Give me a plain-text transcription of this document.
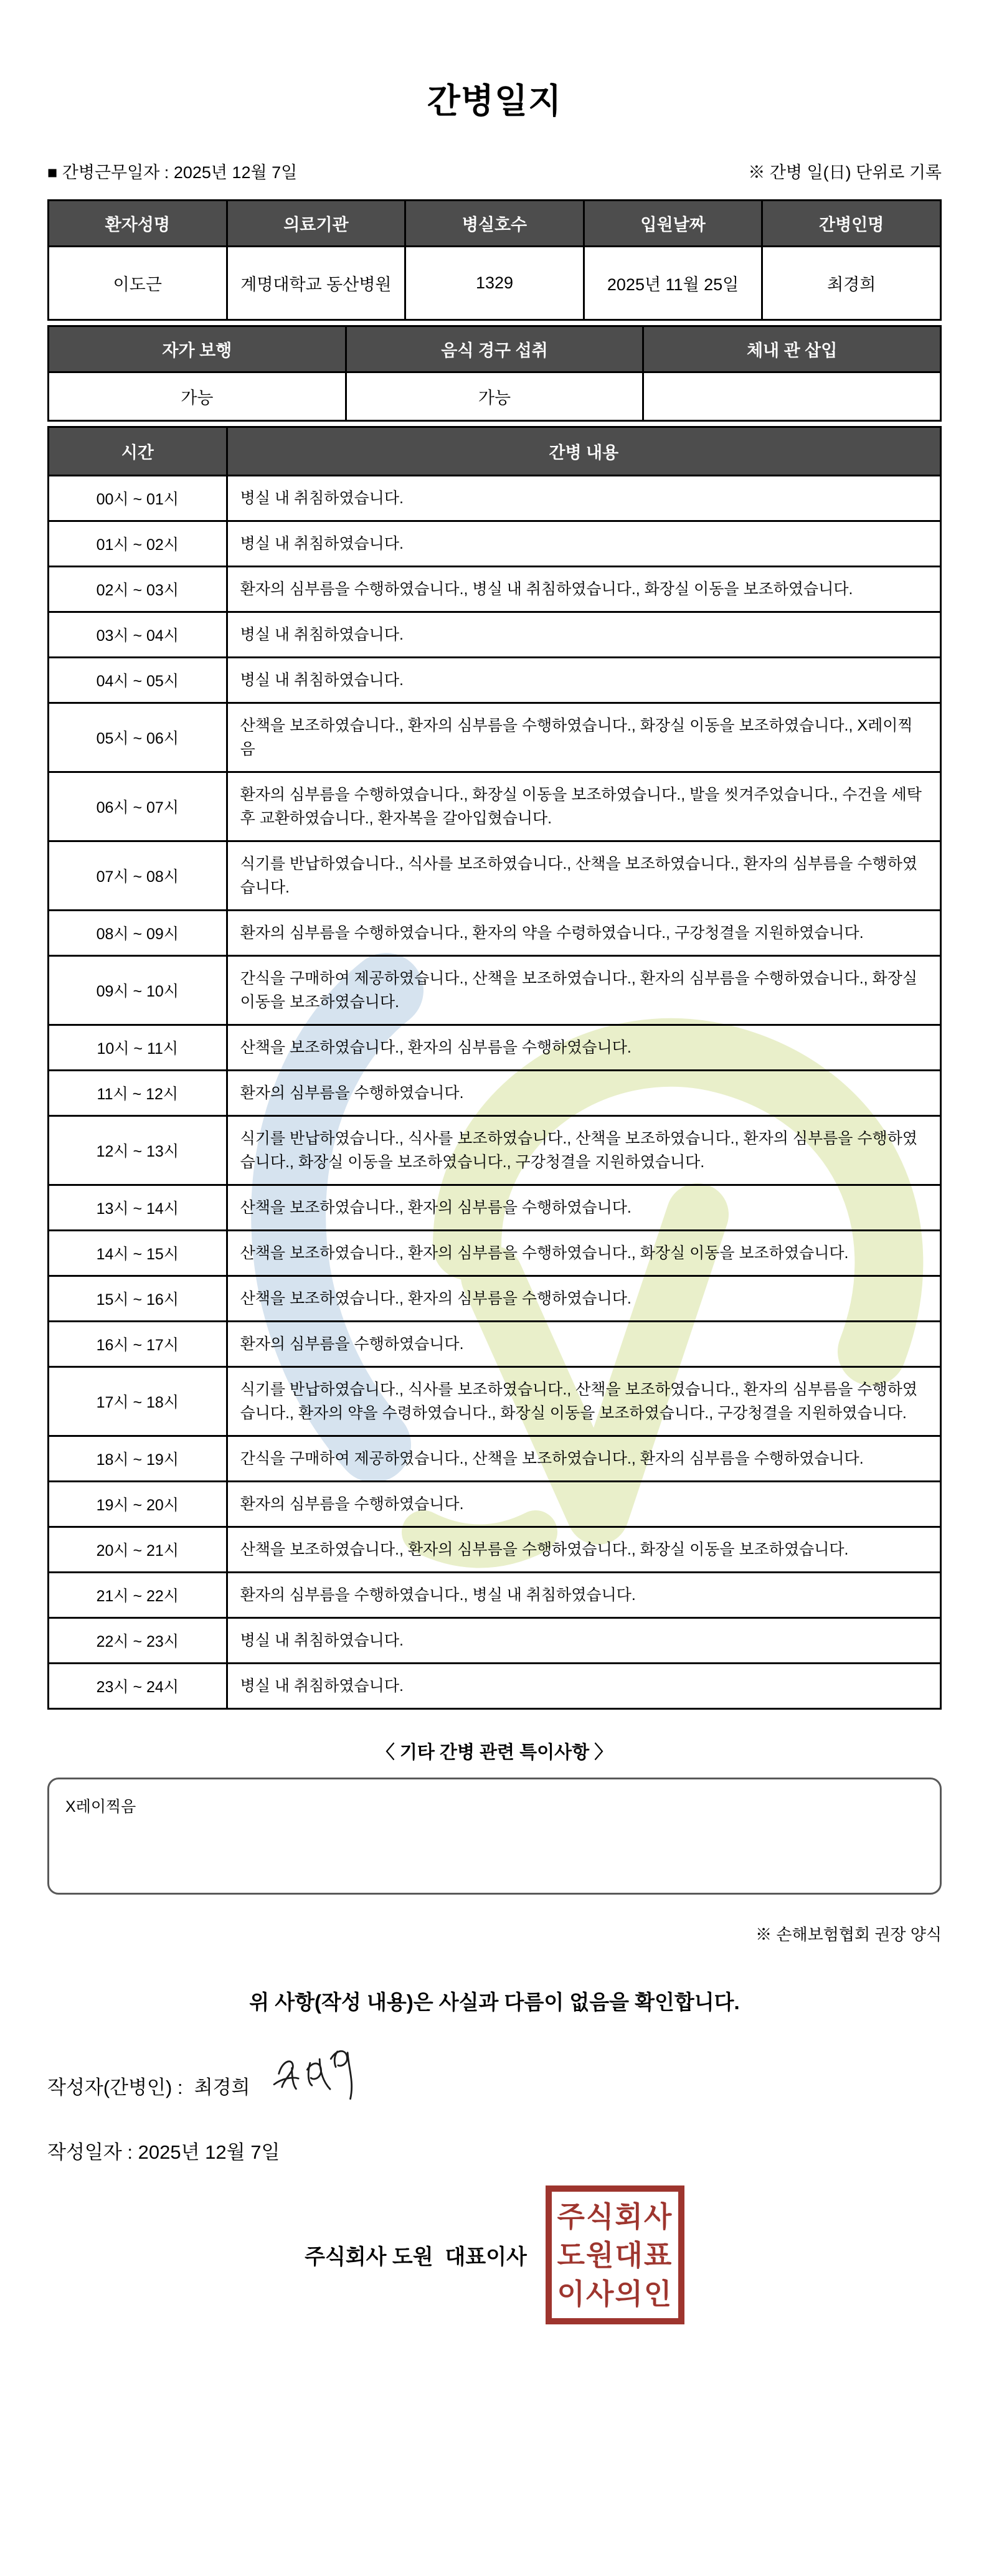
간병일지
■ 간병근무일자 : 2025년 12월 7일	※ 간병 일(日) 단위로 기록
환자성명	의료기관	병실호수	입원날짜	간병인명
이도근	계명대학교 동산병원	1329	2025년 11월 25일	최경희
자가 보행	음식 경구 섭취	체내 관 삽입
가능	가능	
시간	간병 내용
00시 ~ 01시	병실 내 취침하였습니다.
01시 ~ 02시	병실 내 취침하였습니다.
02시 ~ 03시	환자의 심부름을 수행하였습니다., 병실 내 취침하였습니다., 화장실 이동을 보조하였습니다.
03시 ~ 04시	병실 내 취침하였습니다.
04시 ~ 05시	병실 내 취침하였습니다.
05시 ~ 06시	산책을 보조하였습니다., 환자의 심부름을 수행하였습니다., 화장실 이동을 보조하였습니다., X레이찍음
06시 ~ 07시	환자의 심부름을 수행하였습니다., 화장실 이동을 보조하였습니다., 발을 씻겨주었습니다., 수건을 세탁 후 교환하였습니다., 환자복을 갈아입혔습니다.
07시 ~ 08시	식기를 반납하였습니다., 식사를 보조하였습니다., 산책을 보조하였습니다., 환자의 심부름을 수행하였습니다.
08시 ~ 09시	환자의 심부름을 수행하였습니다., 환자의 약을 수령하였습니다., 구강청결을 지원하였습니다.
09시 ~ 10시	간식을 구매하여 제공하였습니다., 산책을 보조하였습니다., 환자의 심부름을 수행하였습니다., 화장실 이동을 보조하였습니다.
10시 ~ 11시	산책을 보조하였습니다., 환자의 심부름을 수행하였습니다.
11시 ~ 12시	환자의 심부름을 수행하였습니다.
12시 ~ 13시	식기를 반납하였습니다., 식사를 보조하였습니다., 산책을 보조하였습니다., 환자의 심부름을 수행하였습니다., 화장실 이동을 보조하였습니다., 구강청결을 지원하였습니다.
13시 ~ 14시	산책을 보조하였습니다., 환자의 심부름을 수행하였습니다.
14시 ~ 15시	산책을 보조하였습니다., 환자의 심부름을 수행하였습니다., 화장실 이동을 보조하였습니다.
15시 ~ 16시	산책을 보조하였습니다., 환자의 심부름을 수행하였습니다.
16시 ~ 17시	환자의 심부름을 수행하였습니다.
17시 ~ 18시	식기를 반납하였습니다., 식사를 보조하였습니다., 산책을 보조하였습니다., 환자의 심부름을 수행하였습니다., 환자의 약을 수령하였습니다., 화장실 이동을 보조하였습니다., 구강청결을 지원하였습니다.
18시 ~ 19시	간식을 구매하여 제공하였습니다., 산책을 보조하였습니다., 환자의 심부름을 수행하였습니다.
19시 ~ 20시	환자의 심부름을 수행하였습니다.
20시 ~ 21시	산책을 보조하였습니다., 환자의 심부름을 수행하였습니다., 화장실 이동을 보조하였습니다.
21시 ~ 22시	환자의 심부름을 수행하였습니다., 병실 내 취침하였습니다.
22시 ~ 23시	병실 내 취침하였습니다.
23시 ~ 24시	병실 내 취침하였습니다.
〈 기타 간병 관련 특이사항 〉
X레이찍음
※ 손해보험협회 권장 양식
위 사항(작성 내용)은 사실과 다름이 없음을 확인합니다.
작성자(간병인) : 최경희
작성일자 : 2025년 12월 7일
주식회사 도원  대표이사
주식회사
도원대표
이사의인
